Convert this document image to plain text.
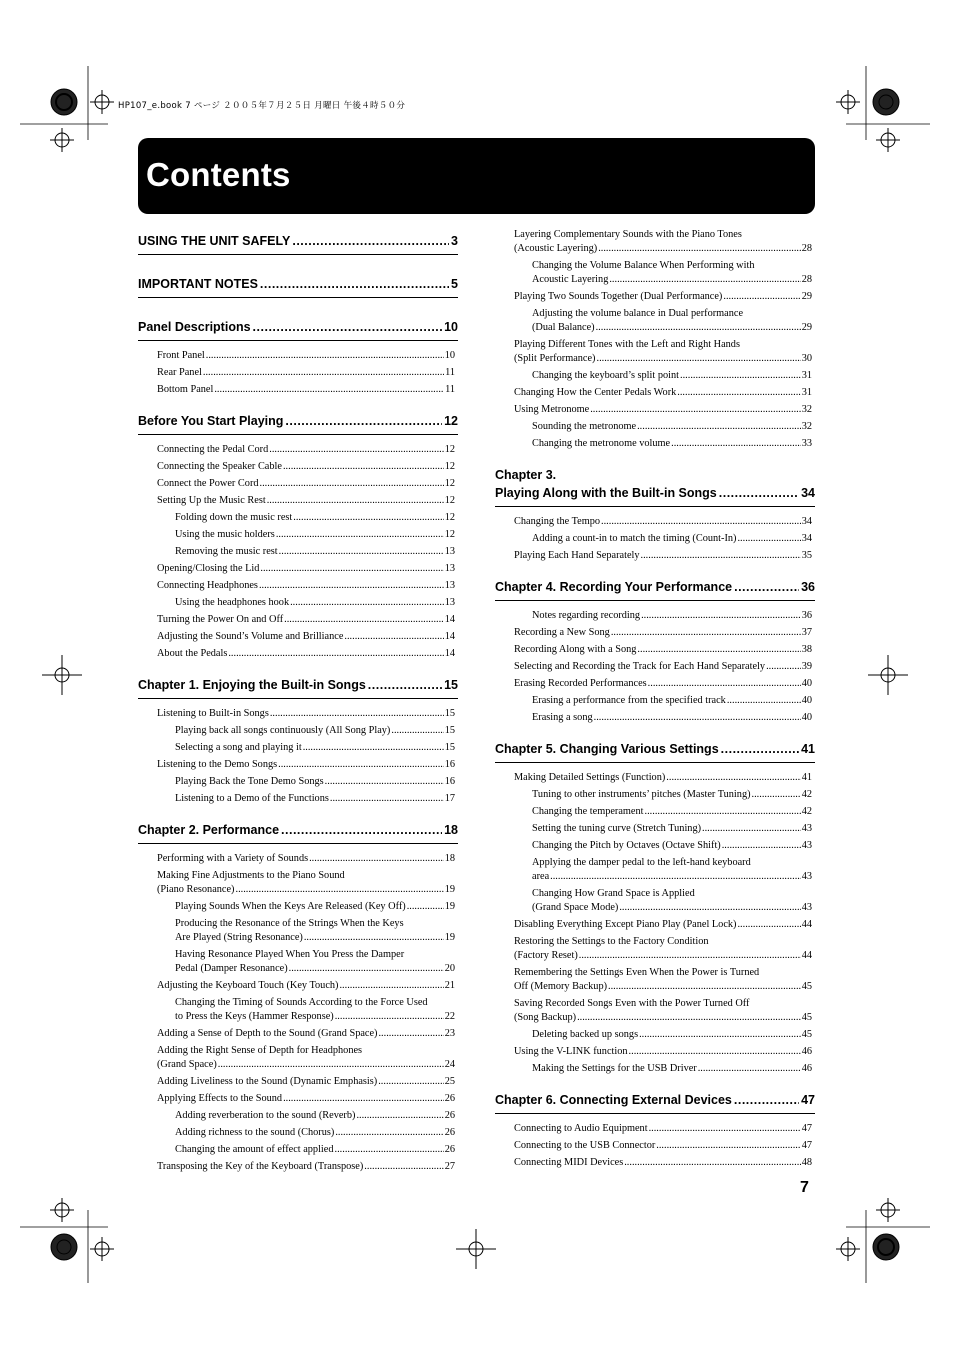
HP107_e.book 7 ページ ２００５年７月２５日 月曜日 午後４時５０分
Contents
USING THE UNIT SAFELY .....	3
IMPORTANT NOTES .....	5
Panel Descriptions .....	10
Front Panel .....	10
Rear Panel .....	11
Bottom Panel .....	11
Before You Start Playing .....	12
Connecting the Pedal Cord .....	12
Connecting the Speaker Cable .....	12
Connect the Power Cord .....	12
Setting Up the Music Rest .....	12
Folding down the music rest .....	12
Using the music holders .....	12
Removing the music rest .....	13
Opening/Closing the Lid .....	13
Connecting Headphones .....	13
Using the headphones hook .....	13
Turning the Power On and Off .....	14
Adjusting the Sound’s Volume and Brilliance .....	14
About the Pedals .....	14
Chapter 1. Enjoying the Built-in Songs .....	15
Listening to Built-in Songs .....	15
Playing back all songs continuously (All Song Play) .....	15
Selecting a song and playing it .....	15
Listening to the Demo Songs .....	16
Playing Back the Tone Demo Songs .....	16
Listening to a Demo of the Functions .....	17
Chapter 2. Performance .....	18
Performing with a Variety of Sounds .....	18
Making Fine Adjustments to the Piano Sound
(Piano Resonance) .....	19
Playing Sounds When the Keys Are Released (Key Off) .....	19
Producing the Resonance of the Strings When the Keys
Are Played (String Resonance) .....	19
Having Resonance Played When You Press the Damper
Pedal (Damper Resonance) .....	20
Adjusting the Keyboard Touch (Key Touch) .....	21
Changing the Timing of Sounds According to the Force Used
to Press the Keys (Hammer Response) .....	22
Adding a Sense of Depth to the Sound (Grand Space) .....	23
Adding the Right Sense of Depth for Headphones
(Grand Space) .....	24
Adding Liveliness to the Sound (Dynamic Emphasis) .....	25
Applying Effects to the Sound .....	26
Adding reverberation to the sound (Reverb) .....	26
Adding richness to the sound (Chorus) .....	26
Changing the amount of effect applied .....	26
Transposing the Key of the Keyboard (Transpose) .....	27
Layering Complementary Sounds with the Piano Tones
(Acoustic Layering) .....	28
Changing the Volume Balance When Performing with
Acoustic Layering .....	28
Playing Two Sounds Together (Dual Performance) .....	29
Adjusting the volume balance in Dual performance
(Dual Balance) .....	29
Playing Different Tones with the Left and Right Hands
(Split Performance) .....	30
Changing the keyboard’s split point .....	31
Changing How the Center Pedals Work .....	31
Using Metronome .....	32
Sounding the metronome .....	32
Changing the metronome volume .....	33
Chapter 3.
Playing Along with the Built-in Songs .....	34
Changing the Tempo .....	34
Adding a count-in to match the timing (Count-In) .....	34
Playing Each Hand Separately .....	35
Chapter 4. Recording Your Performance .....	36
Notes regarding recording .....	36
Recording a New Song .....	37
Recording Along with a Song .....	38
Selecting and Recording the Track for Each Hand Separately .....	39
Erasing Recorded Performances .....	40
Erasing a performance from the specified track .....	40
Erasing a song .....	40
Chapter 5. Changing Various Settings .....	41
Making Detailed Settings (Function) .....	41
Tuning to other instruments’ pitches (Master Tuning) .....	42
Changing the temperament .....	42
Setting the tuning curve (Stretch Tuning) .....	43
Changing the Pitch by Octaves (Octave Shift) .....	43
Applying the damper pedal to the left-hand keyboard
area .....	43
Changing How Grand Space is Applied
(Grand Space Mode) .....	43
Disabling Everything Except Piano Play (Panel Lock) .....	44
Restoring the Settings to the Factory Condition
(Factory Reset) .....	44
Remembering the Settings Even When the Power is Turned
Off (Memory Backup) .....	45
Saving Recorded Songs Even with the Power Turned Off
(Song Backup) .....	45
Deleting backed up songs .....	45
Using the V-LINK function .....	46
Making the Settings for the USB Driver .....	46
Chapter 6. Connecting External Devices .....	47
Connecting to Audio Equipment .....	47
Connecting to the USB Connector .....	47
Connecting MIDI Devices .....	48
7
